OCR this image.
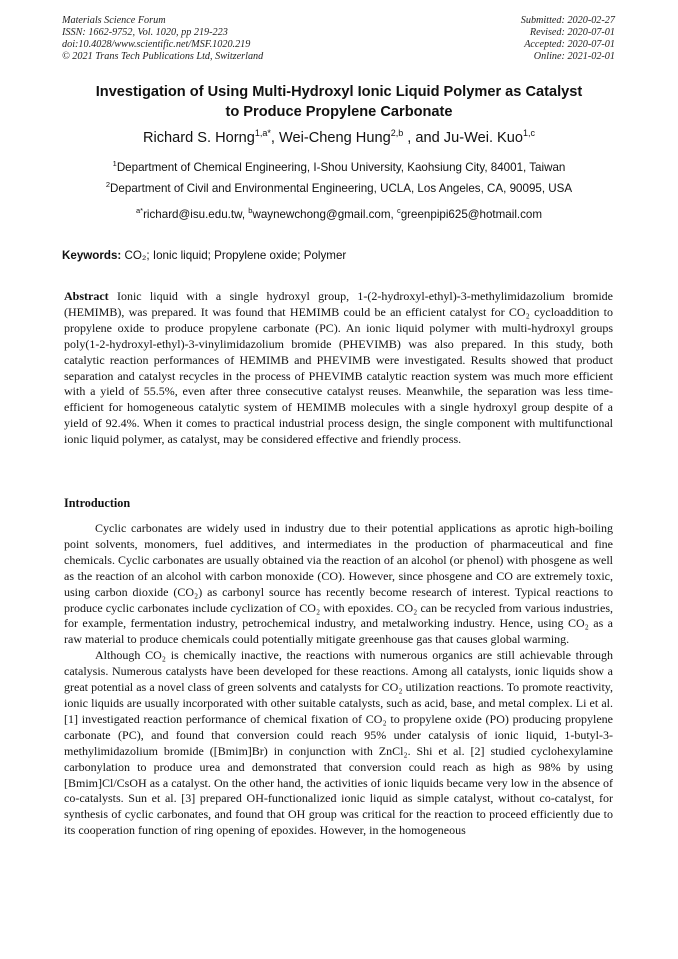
Materials Science Forum
ISSN: 1662-9752, Vol. 1020, pp 219-223
doi:10.4028/www.scientific.net/MSF.1020.219
© 2021 Trans Tech Publications Ltd, Switzerland
Submitted: 2020-02-27
Revised: 2020-07-01
Accepted: 2020-07-01
Online: 2021-02-01
Investigation of Using Multi-Hydroxyl Ionic Liquid Polymer as Catalyst
to Produce Propylene Carbonate
Richard S. Horng$^{1,a*}$, Wei-Cheng Hung$^{2,b}$ , and Ju-Wei. Kuo$^{1,c}$
$^1$Department of Chemical Engineering, I-Shou University, Kaohsiung City, 84001, Taiwan
$^2$Department of Civil and Environmental Engineering, UCLA, Los Angeles, CA, 90095, USA
$^{a*}$richard@isu.edu.tw, $^b$waynewchong@gmail.com, $^c$greenpipi625@hotmail.com
Keywords: CO₂; Ionic liquid; Propylene oxide; Polymer

Abstract Ionic liquid with a single hydroxyl group, 1-(2-hydroxyl-ethyl)-3-methylimidazolium bromide (HEMIMB), was prepared. It was found that HEMIMB could be an efficient catalyst for CO₂ cycloaddition to propylene oxide to produce propylene carbonate (PC). An ionic liquid polymer with multi-hydroxyl groups poly(1-2-hydroxyl-ethyl)-3-vinylimidazolium bromide (PHEVIMB) was also prepared. In this study, both catalytic reaction performances of HEMIMB and PHEVIMB were investigated. Results showed that product separation and catalyst recycles in the process of PHEVIMB catalytic reaction system was much more efficient with a yield of 55.5%, even after three consecutive catalyst reuses. Meanwhile, the separation was less time-efficient for homogeneous catalytic system of HEMIMB molecules with a single hydroxyl group despite of a yield of 92.4%. When it comes to practical industrial process design, the single component with multifunctional ionic liquid polymer, as catalyst, may be considered effective and friendly process.

Introduction

Cyclic carbonates are widely used in industry due to their potential applications as aprotic high-boiling point solvents, monomers, fuel additives, and intermediates in the production of pharmaceutical and fine chemicals. Cyclic carbonates are usually obtained via the reaction of an alcohol (or phenol) with phosgene as well as the reaction of an alcohol with carbon monoxide (CO). However, since phosgene and CO are extremely toxic, using carbon dioxide (CO₂) as carbonyl source has recently become research of interest. Typical reactions to produce cyclic carbonates include cyclization of CO₂ with epoxides. CO₂ can be recycled from various industries, for example, fermentation industry, petrochemical industry, and metalworking industry. Hence, using CO₂ as a raw material to produce chemicals could potentially mitigate greenhouse gas that causes global warming.

Although CO₂ is chemically inactive, the reactions with numerous organics are still achievable through catalysis. Numerous catalysts have been developed for these reactions. Among all catalysts, ionic liquids show a great potential as a novel class of green solvents and catalysts for CO₂ utilization reactions. To promote reactivity, ionic liquids are usually incorporated with other suitable catalysts, such as acid, base, and metal complex. Li et al. [1] investigated reaction performance of chemical fixation of CO₂ to propylene oxide (PO) producing propylene carbonate (PC), and found that conversion could reach 95% under catalysis of ionic liquid, 1-butyl-3- methylimidazolium bromide ([Bmim]Br) in conjunction with ZnCl₂. Shi et al. [2] studied cyclohexylamine carbonylation to produce urea and demonstrated that conversion could reach as high as 98% by using [Bmim]Cl/CsOH as a catalyst. On the other hand, the activities of ionic liquids became very low in the absence of co-catalysts. Sun et al. [3] prepared OH-functionalized ionic liquid as simple catalyst, without co-catalyst, for synthesis of cyclic carbonates, and found that OH group was critical for the reaction to proceed efficiently due to its cooperation function of ring opening of epoxides. However, in the homogeneous
